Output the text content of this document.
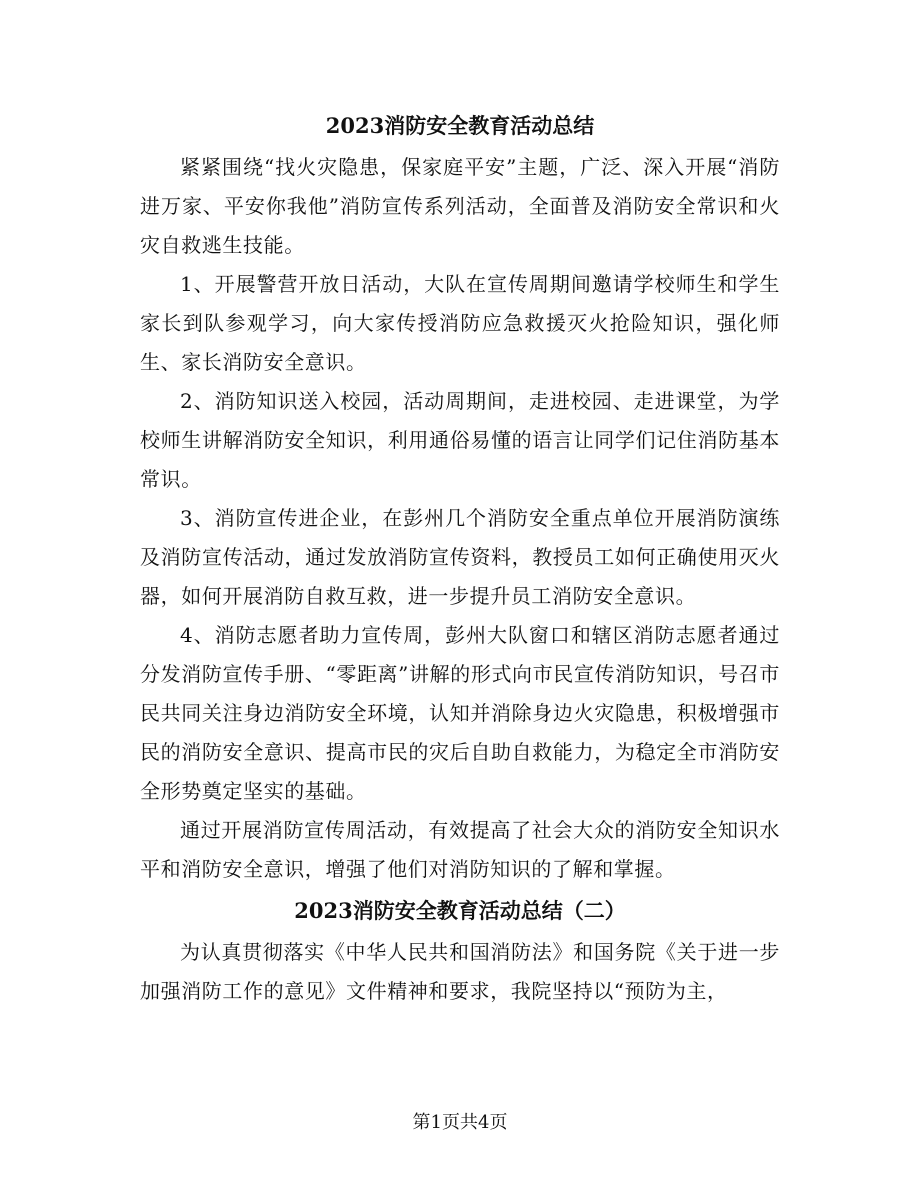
2023消防安全教育活动总结

紧紧围绕“找火灾隐患，保家庭平安”主题，广泛、深入开展“消防进万家、平安你我他”消防宣传系列活动，全面普及消防安全常识和火灾自救逃生技能。

1、开展警营开放日活动，大队在宣传周期间邀请学校师生和学生家长到队参观学习，向大家传授消防应急救援灭火抢险知识，强化师生、家长消防安全意识。

2、消防知识送入校园，活动周期间，走进校园、走进课堂，为学校师生讲解消防安全知识，利用通俗易懂的语言让同学们记住消防基本常识。

3、消防宣传进企业，在彭州几个消防安全重点单位开展消防演练及消防宣传活动，通过发放消防宣传资料，教授员工如何正确使用灭火器，如何开展消防自救互救，进一步提升员工消防安全意识。

4、消防志愿者助力宣传周，彭州大队窗口和辖区消防志愿者通过分发消防宣传手册、“零距离”讲解的形式向市民宣传消防知识，号召市民共同关注身边消防安全环境，认知并消除身边火灾隐患，积极增强市民的消防安全意识、提高市民的灾后自助自救能力，为稳定全市消防安全形势奠定坚实的基础。

通过开展消防宣传周活动，有效提高了社会大众的消防安全知识水平和消防安全意识，增强了他们对消防知识的了解和掌握。

2023消防安全教育活动总结（二）

为认真贯彻落实《中华人民共和国消防法》和国务院《关于进一步加强消防工作的意见》文件精神和要求，我院坚持以“预防为主，

第1页共4页
